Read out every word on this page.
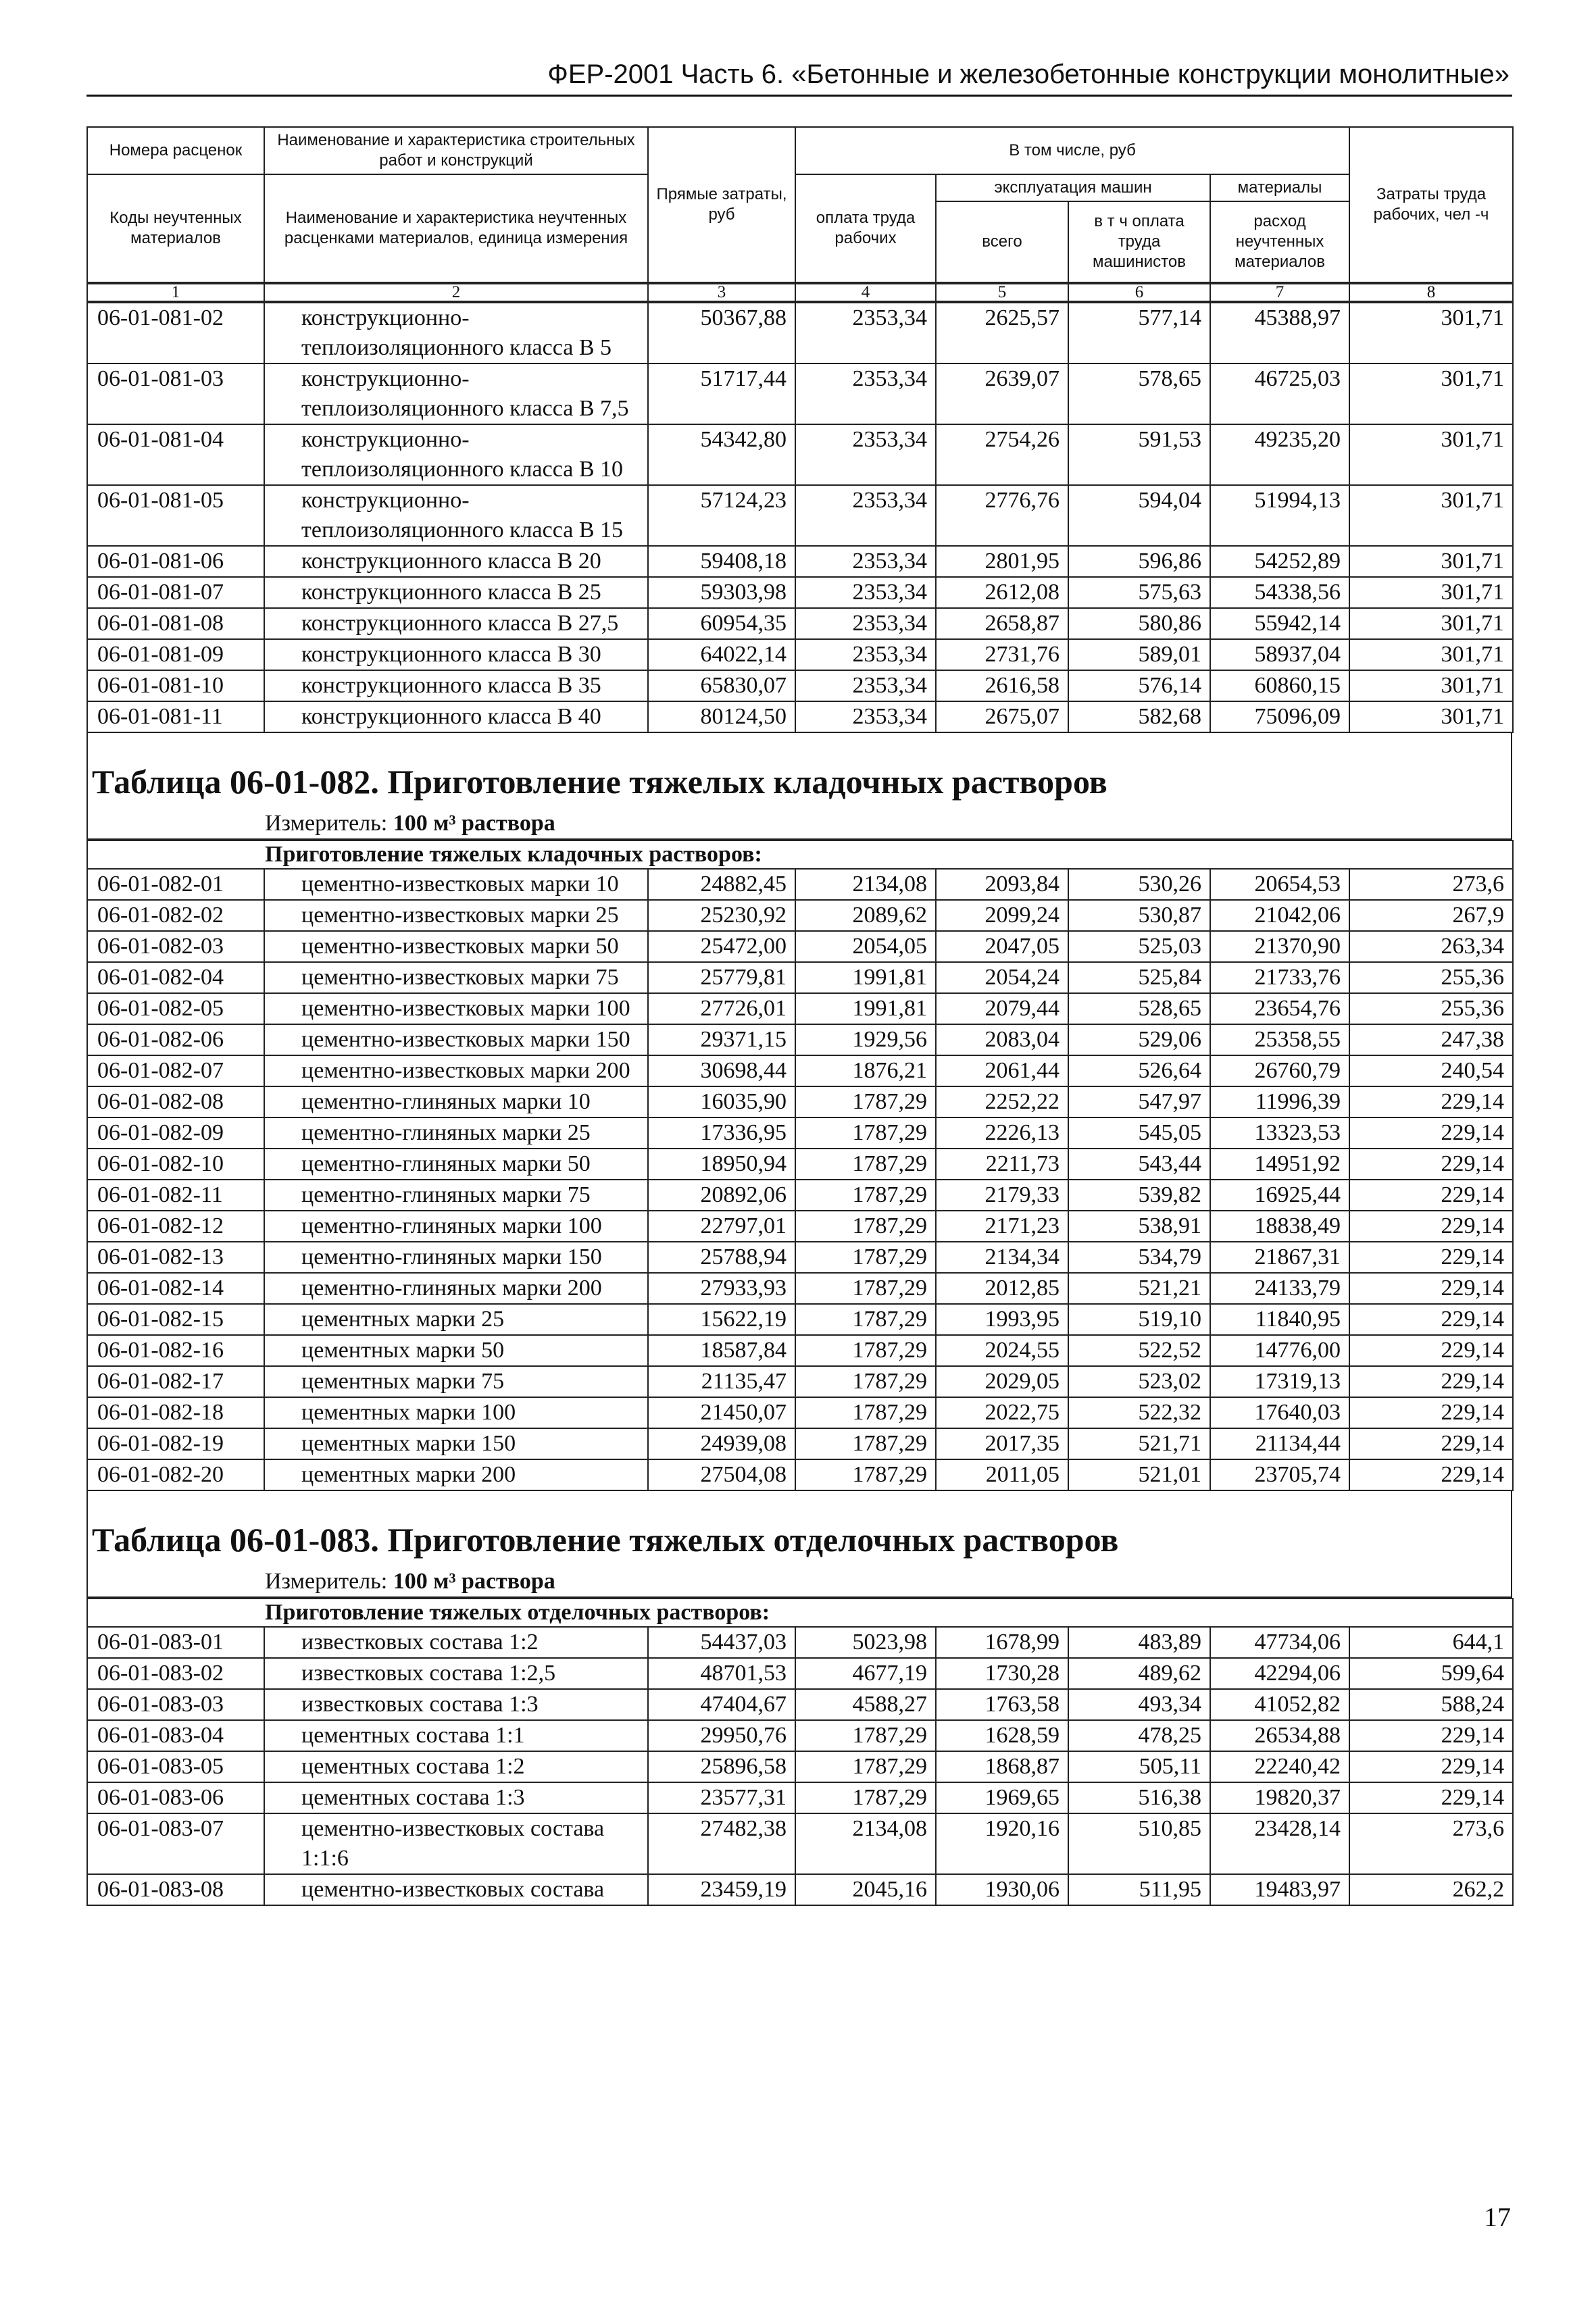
ФЕР-2001 Часть 6. «Бетонные и железобетонные конструкции монолитные»
Номера расценок	Наименование и характеристика строительных работ и конструкций	Прямые затраты, руб	В том числе, руб				Затраты труда рабочих, чел -ч
Коды неучтенных материалов	Наименование и характеристика неучтенных расценками материалов, единица измерения		оплата труда рабочих	эксплуатация машин		материалы	
				всего	в т ч оплата труда машинистов	расход неучтенных материалов	
1	2	3	4	5	6	7	8
06-01-081-02	конструкционно-теплоизоляционного класса В 5	50367,88	2353,34	2625,57	577,14	45388,97	301,71
06-01-081-03	конструкционно-теплоизоляционного класса В 7,5	51717,44	2353,34	2639,07	578,65	46725,03	301,71
06-01-081-04	конструкционно-теплоизоляционного класса В 10	54342,80	2353,34	2754,26	591,53	49235,20	301,71
06-01-081-05	конструкционно-теплоизоляционного класса В 15	57124,23	2353,34	2776,76	594,04	51994,13	301,71
06-01-081-06	конструкционного класса В 20	59408,18	2353,34	2801,95	596,86	54252,89	301,71
06-01-081-07	конструкционного класса В 25	59303,98	2353,34	2612,08	575,63	54338,56	301,71
06-01-081-08	конструкционного класса В 27,5	60954,35	2353,34	2658,87	580,86	55942,14	301,71
06-01-081-09	конструкционного класса В 30	64022,14	2353,34	2731,76	589,01	58937,04	301,71
06-01-081-10	конструкционного класса В 35	65830,07	2353,34	2616,58	576,14	60860,15	301,71
06-01-081-11	конструкционного класса В 40	80124,50	2353,34	2675,07	582,68	75096,09	301,71
Таблица 06-01-082. Приготовление тяжелых кладочных растворов
Измеритель: 100 м³ раствора
Приготовление тяжелых кладочных растворов:							
06-01-082-01	цементно-известковых марки 10	24882,45	2134,08	2093,84	530,26	20654,53	273,6
06-01-082-02	цементно-известковых марки 25	25230,92	2089,62	2099,24	530,87	21042,06	267,9
06-01-082-03	цементно-известковых марки 50	25472,00	2054,05	2047,05	525,03	21370,90	263,34
06-01-082-04	цементно-известковых марки 75	25779,81	1991,81	2054,24	525,84	21733,76	255,36
06-01-082-05	цементно-известковых марки 100	27726,01	1991,81	2079,44	528,65	23654,76	255,36
06-01-082-06	цементно-известковых марки 150	29371,15	1929,56	2083,04	529,06	25358,55	247,38
06-01-082-07	цементно-известковых марки 200	30698,44	1876,21	2061,44	526,64	26760,79	240,54
06-01-082-08	цементно-глиняных марки 10	16035,90	1787,29	2252,22	547,97	11996,39	229,14
06-01-082-09	цементно-глиняных марки 25	17336,95	1787,29	2226,13	545,05	13323,53	229,14
06-01-082-10	цементно-глиняных марки 50	18950,94	1787,29	2211,73	543,44	14951,92	229,14
06-01-082-11	цементно-глиняных марки 75	20892,06	1787,29	2179,33	539,82	16925,44	229,14
06-01-082-12	цементно-глиняных марки 100	22797,01	1787,29	2171,23	538,91	18838,49	229,14
06-01-082-13	цементно-глиняных марки 150	25788,94	1787,29	2134,34	534,79	21867,31	229,14
06-01-082-14	цементно-глиняных марки 200	27933,93	1787,29	2012,85	521,21	24133,79	229,14
06-01-082-15	цементных марки 25	15622,19	1787,29	1993,95	519,10	11840,95	229,14
06-01-082-16	цементных марки 50	18587,84	1787,29	2024,55	522,52	14776,00	229,14
06-01-082-17	цементных марки 75	21135,47	1787,29	2029,05	523,02	17319,13	229,14
06-01-082-18	цементных марки 100	21450,07	1787,29	2022,75	522,32	17640,03	229,14
06-01-082-19	цементных марки 150	24939,08	1787,29	2017,35	521,71	21134,44	229,14
06-01-082-20	цементных марки 200	27504,08	1787,29	2011,05	521,01	23705,74	229,14
Таблица 06-01-083. Приготовление тяжелых отделочных растворов
Измеритель: 100 м³ раствора
Приготовление тяжелых отделочных растворов:							
06-01-083-01	известковых состава 1:2	54437,03	5023,98	1678,99	483,89	47734,06	644,1
06-01-083-02	известковых состава 1:2,5	48701,53	4677,19	1730,28	489,62	42294,06	599,64
06-01-083-03	известковых состава 1:3	47404,67	4588,27	1763,58	493,34	41052,82	588,24
06-01-083-04	цементных состава 1:1	29950,76	1787,29	1628,59	478,25	26534,88	229,14
06-01-083-05	цементных состава 1:2	25896,58	1787,29	1868,87	505,11	22240,42	229,14
06-01-083-06	цементных состава 1:3	23577,31	1787,29	1969,65	516,38	19820,37	229,14
06-01-083-07	цементно-известковых состава 1:1:6	27482,38	2134,08	1920,16	510,85	23428,14	273,6
06-01-083-08	цементно-известковых состава	23459,19	2045,16	1930,06	511,95	19483,97	262,2
17
